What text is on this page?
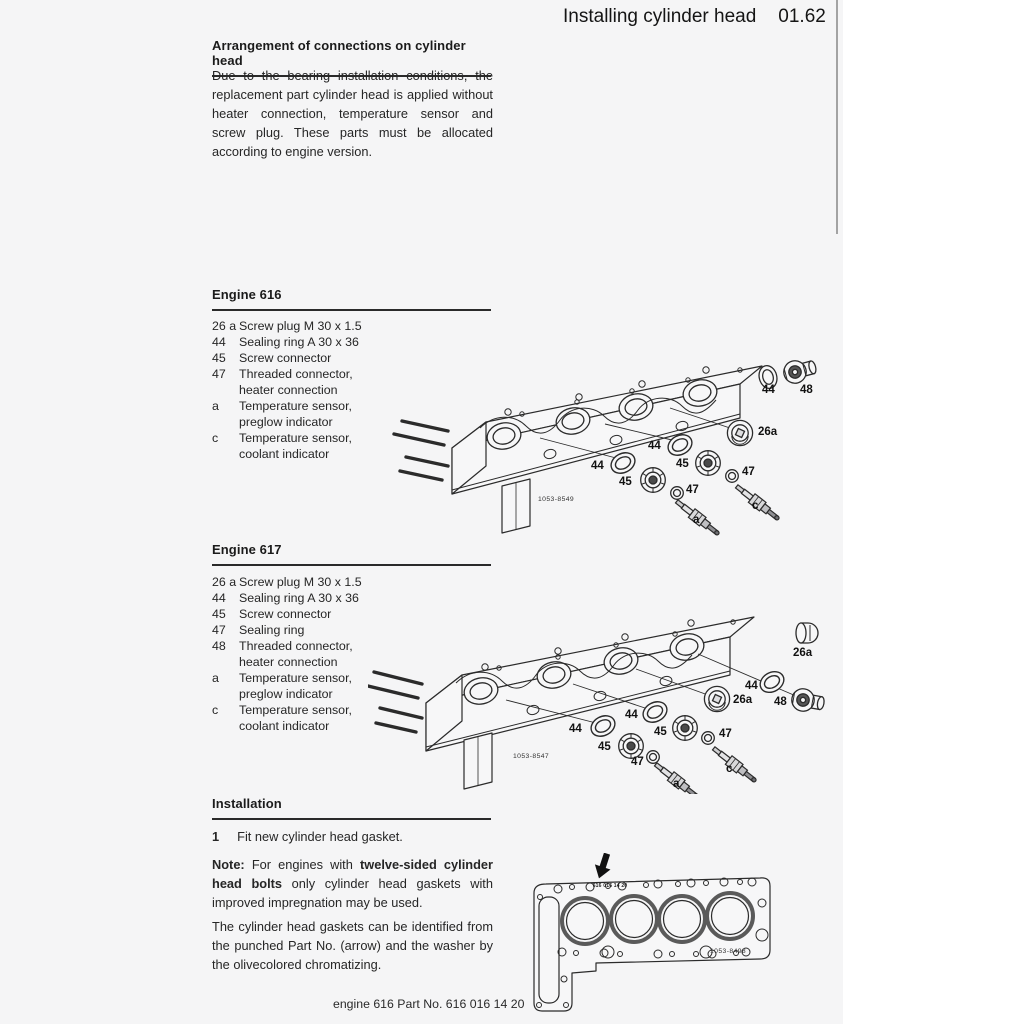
Installing cylinder head 01.62
Arrangement of connections on cylinder head
Due to the bearing installation conditions, the replacement part cylinder head is applied without heater connection, temperature sensor and screw plug. These parts must be allocated according to engine version.
Engine 616
26 a Screw plug M 30 x 1.5
44	Sealing ring A 30 x 36
45	Screw connector
47	Threaded connector,
heater connection
a	Temperature sensor,
preglow indicator
c	Temperature sensor,
coolant indicator
44 48
26a
44
44	45
45
47
47
a
c
1053-8549
Engine 617
26 a Screw plug M 30 x 1.5
44	Sealing ring A 30 x 36
45	Screw connector
47	Sealing ring
48	Threaded connector,
heater connection
a	Temperature sensor,
preglow indicator
c	Temperature sensor,
coolant indicator
26a
44
48
26a
44
44	45
45
47
47
a
c
1053-8547
Installation
1 Fit new cylinder head gasket.
Note: For engines with twelve-sided cylinder head bolts only cylinder head gaskets with improved impregnation may be used.
The cylinder head gaskets can be identified from the punched Part No. (arrow) and the washer by the olivecolored chromatizing.
616 016 14 20
1053-8498
engine 616 Part No. 616 016 14 20
